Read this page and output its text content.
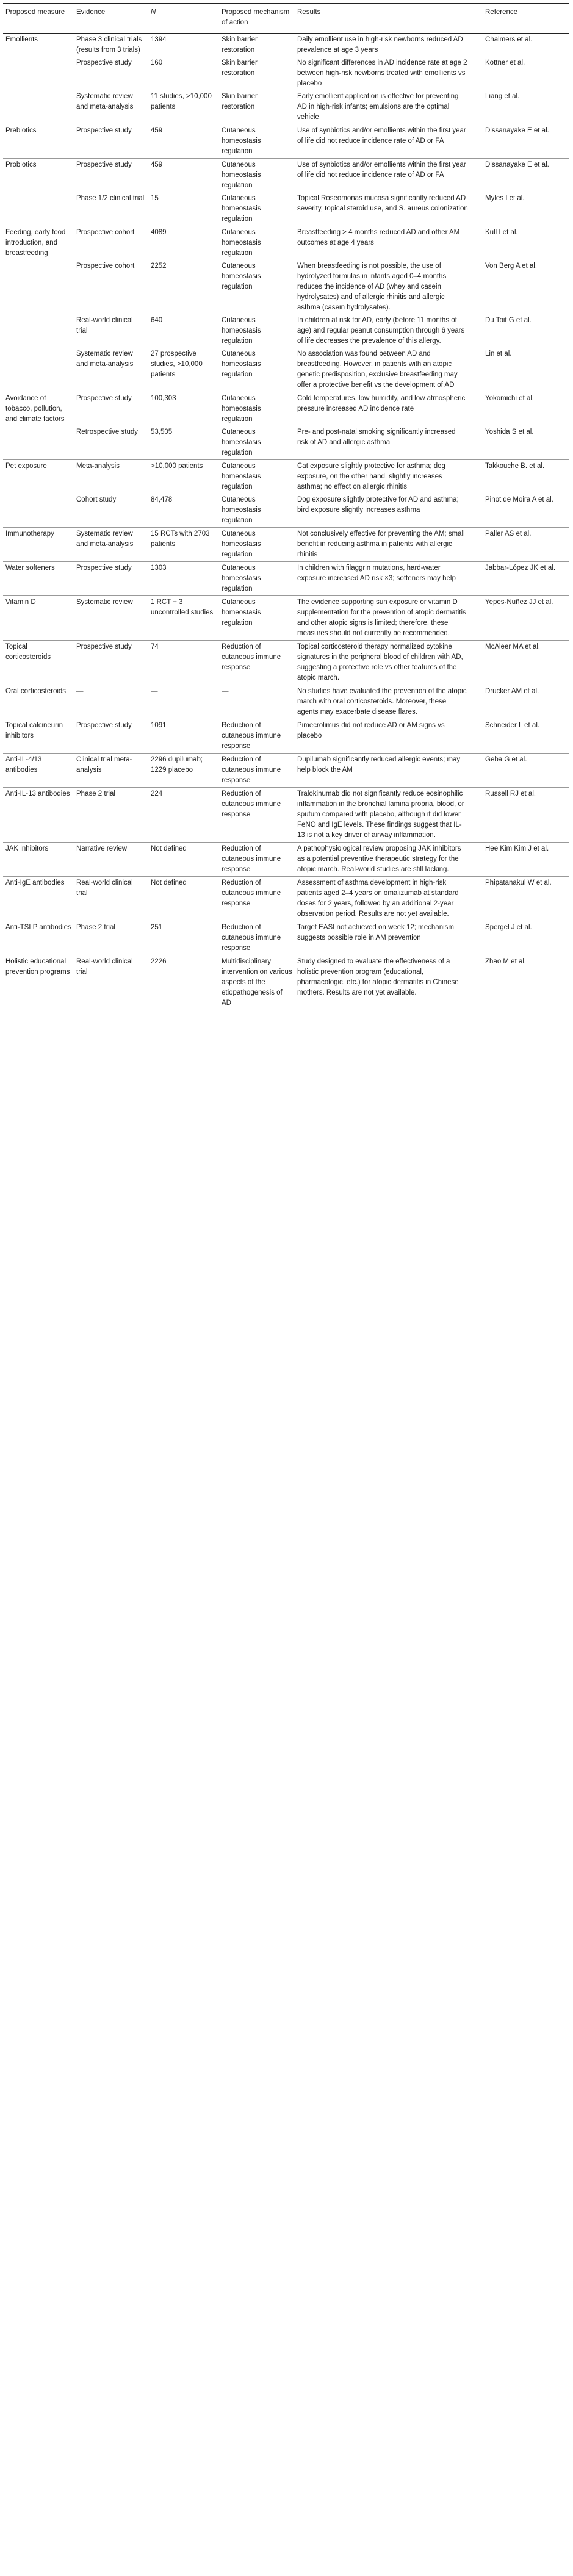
Proposed measure	Evidence	N	Proposed mechanism of action	Results	Reference
Emollients	Phase 3 clinical trials (results from 3 trials)	1394	Skin barrier restoration	Daily emollient use in high-risk newborns reduced AD prevalence at age 3 years	Chalmers et al.
	Prospective study	160	Skin barrier restoration	No significant differences in AD incidence rate at age 2 between high-risk newborns treated with emollients vs placebo	Kottner et al.
	Systematic review and meta-analysis	11 studies, >10,000 patients	Skin barrier restoration	Early emollient application is effective for preventing AD in high-risk infants; emulsions are the optimal vehicle	Liang et al.
Prebiotics	Prospective study	459	Cutaneous homeostasis regulation	Use of synbiotics and/or emollients within the first year of life did not reduce incidence rate of AD or FA	Dissanayake E et al.
Probiotics	Prospective study	459	Cutaneous homeostasis regulation	Use of synbiotics and/or emollients within the first year of life did not reduce incidence rate of AD or FA	Dissanayake E et al.
	Phase 1/2 clinical trial	15	Cutaneous homeostasis regulation	Topical Roseomonas mucosa significantly reduced AD severity, topical steroid use, and S. aureus colonization	Myles I et al.
Feeding, early food introduction, and breastfeeding	Prospective cohort	4089	Cutaneous homeostasis regulation	Breastfeeding > 4 months reduced AD and other AM outcomes at age 4 years	Kull I et al.
	Prospective cohort	2252	Cutaneous homeostasis regulation	When breastfeeding is not possible, the use of hydrolyzed formulas in infants aged 0–4 months reduces the incidence of AD (whey and casein hydrolysates) and of allergic rhinitis and allergic asthma (casein hydrolysates).	Von Berg A et al.
	Real-world clinical trial	640	Cutaneous homeostasis regulation	In children at risk for AD, early (before 11 months of age) and regular peanut consumption through 6 years of life decreases the prevalence of this allergy.	Du Toit G et al.
	Systematic review and meta-analysis	27 prospective studies, >10,000 patients	Cutaneous homeostasis regulation	No association was found between AD and breastfeeding. However, in patients with an atopic genetic predisposition, exclusive breastfeeding may offer a protective benefit vs the development of AD	Lin et al.
Avoidance of tobacco, pollution, and climate factors	Prospective study	100,303	Cutaneous homeostasis regulation	Cold temperatures, low humidity, and low atmospheric pressure increased AD incidence rate	Yokomichi et al.
	Retrospective study	53,505	Cutaneous homeostasis regulation	Pre- and post-natal smoking significantly increased risk of AD and allergic asthma	Yoshida S et al.
Pet exposure	Meta-analysis	>10,000 patients	Cutaneous homeostasis regulation	Cat exposure slightly protective for asthma; dog exposure, on the other hand, slightly increases asthma; no effect on allergic rhinitis	Takkouche B. et al.
	Cohort study	84,478	Cutaneous homeostasis regulation	Dog exposure slightly protective for AD and asthma; bird exposure slightly increases asthma	Pinot de Moira A et al.
Immunotherapy	Systematic review and meta-analysis	15 RCTs with 2703 patients	Cutaneous homeostasis regulation	Not conclusively effective for preventing the AM; small benefit in reducing asthma in patients with allergic rhinitis	Paller AS et al.
Water softeners	Prospective study	1303	Cutaneous homeostasis regulation	In children with filaggrin mutations, hard-water exposure increased AD risk ×3; softeners may help	Jabbar-López JK et al.
Vitamin D	Systematic review	1 RCT + 3 uncontrolled studies	Cutaneous homeostasis regulation	The evidence supporting sun exposure or vitamin D supplementation for the prevention of atopic dermatitis and other atopic signs is limited; therefore, these measures should not currently be recommended.	Yepes-Nuñez JJ et al.
Topical corticosteroids	Prospective study	74	Reduction of cutaneous immune response	Topical corticosteroid therapy normalized cytokine signatures in the peripheral blood of children with AD, suggesting a protective role vs other features of the atopic march.	McAleer MA et al.
Oral corticosteroids	—	—	—	No studies have evaluated the prevention of the atopic march with oral corticosteroids. Moreover, these agents may exacerbate disease flares.	Drucker AM et al.
Topical calcineurin inhibitors	Prospective study	1091	Reduction of cutaneous immune response	Pimecrolimus did not reduce AD or AM signs vs placebo	Schneider L et al.
Anti-IL-4/13 antibodies	Clinical trial meta-analysis	2296 dupilumab; 1229 placebo	Reduction of cutaneous immune response	Dupilumab significantly reduced allergic events; may help block the AM	Geba G et al.
Anti-IL-13 antibodies	Phase 2 trial	224	Reduction of cutaneous immune response	Tralokinumab did not significantly reduce eosinophilic inflammation in the bronchial lamina propria, blood, or sputum compared with placebo, although it did lower FeNO and IgE levels. These findings suggest that IL-13 is not a key driver of airway inflammation.	Russell RJ et al.
JAK inhibitors	Narrative review	Not defined	Reduction of cutaneous immune response	A pathophysiological review proposing JAK inhibitors as a potential preventive therapeutic strategy for the atopic march. Real-world studies are still lacking.	Hee Kim Kim J et al.
Anti-IgE antibodies	Real-world clinical trial	Not defined	Reduction of cutaneous immune response	Assessment of asthma development in high-risk patients aged 2–4 years on omalizumab at standard doses for 2 years, followed by an additional 2-year observation period. Results are not yet available.	Phipatanakul W et al.
Anti-TSLP antibodies	Phase 2 trial	251	Reduction of cutaneous immune response	Target EASI not achieved on week 12; mechanism suggests possible role in AM prevention	Spergel J et al.
Holistic educational prevention programs	Real-world clinical trial	2226	Multidisciplinary intervention on various aspects of the etiopathogenesis of AD	Study designed to evaluate the effectiveness of a holistic prevention program (educational, pharmacologic, etc.) for atopic dermatitis in Chinese mothers. Results are not yet available.	Zhao M et al.
